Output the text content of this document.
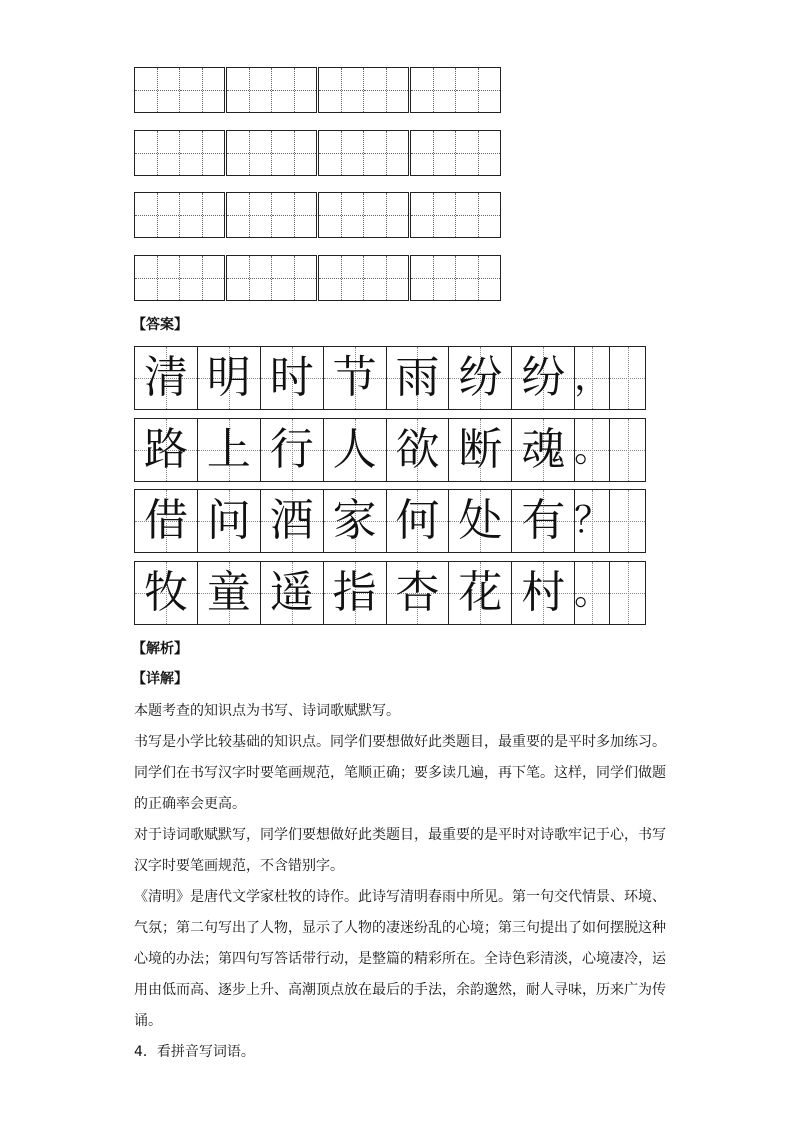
【答案】
清 明 时 节 雨 纷 纷 ，
路 上 行 人 欲 断 魂 。
借 问 酒 家 何 处 有 ？
牧 童 遥 指 杏 花 村 。
【解析】
【详解】

本题考查的知识点为书写、诗词歌赋默写。

书写是小学比较基础的知识点。同学们要想做好此类题目，最重要的是平时多加练习。

同学们在书写汉字时要笔画规范，笔顺正确；要多读几遍，再下笔。这样，同学们做题

的正确率会更高。

对于诗词歌赋默写，同学们要想做好此类题目，最重要的是平时对诗歌牢记于心，书写

汉字时要笔画规范，不含错别字。

《清明》是唐代文学家杜牧的诗作。此诗写清明春雨中所见。第一句交代情景、环境、

气氛；第二句写出了人物，显示了人物的凄迷纷乱的心境；第三句提出了如何摆脱这种

心境的办法；第四句写答话带行动，是整篇的精彩所在。全诗色彩清淡，心境凄冷，运

用由低而高、逐步上升、高潮顶点放在最后的手法，余韵邈然，耐人寻味，历来广为传

诵。

4．看拼音写词语。
